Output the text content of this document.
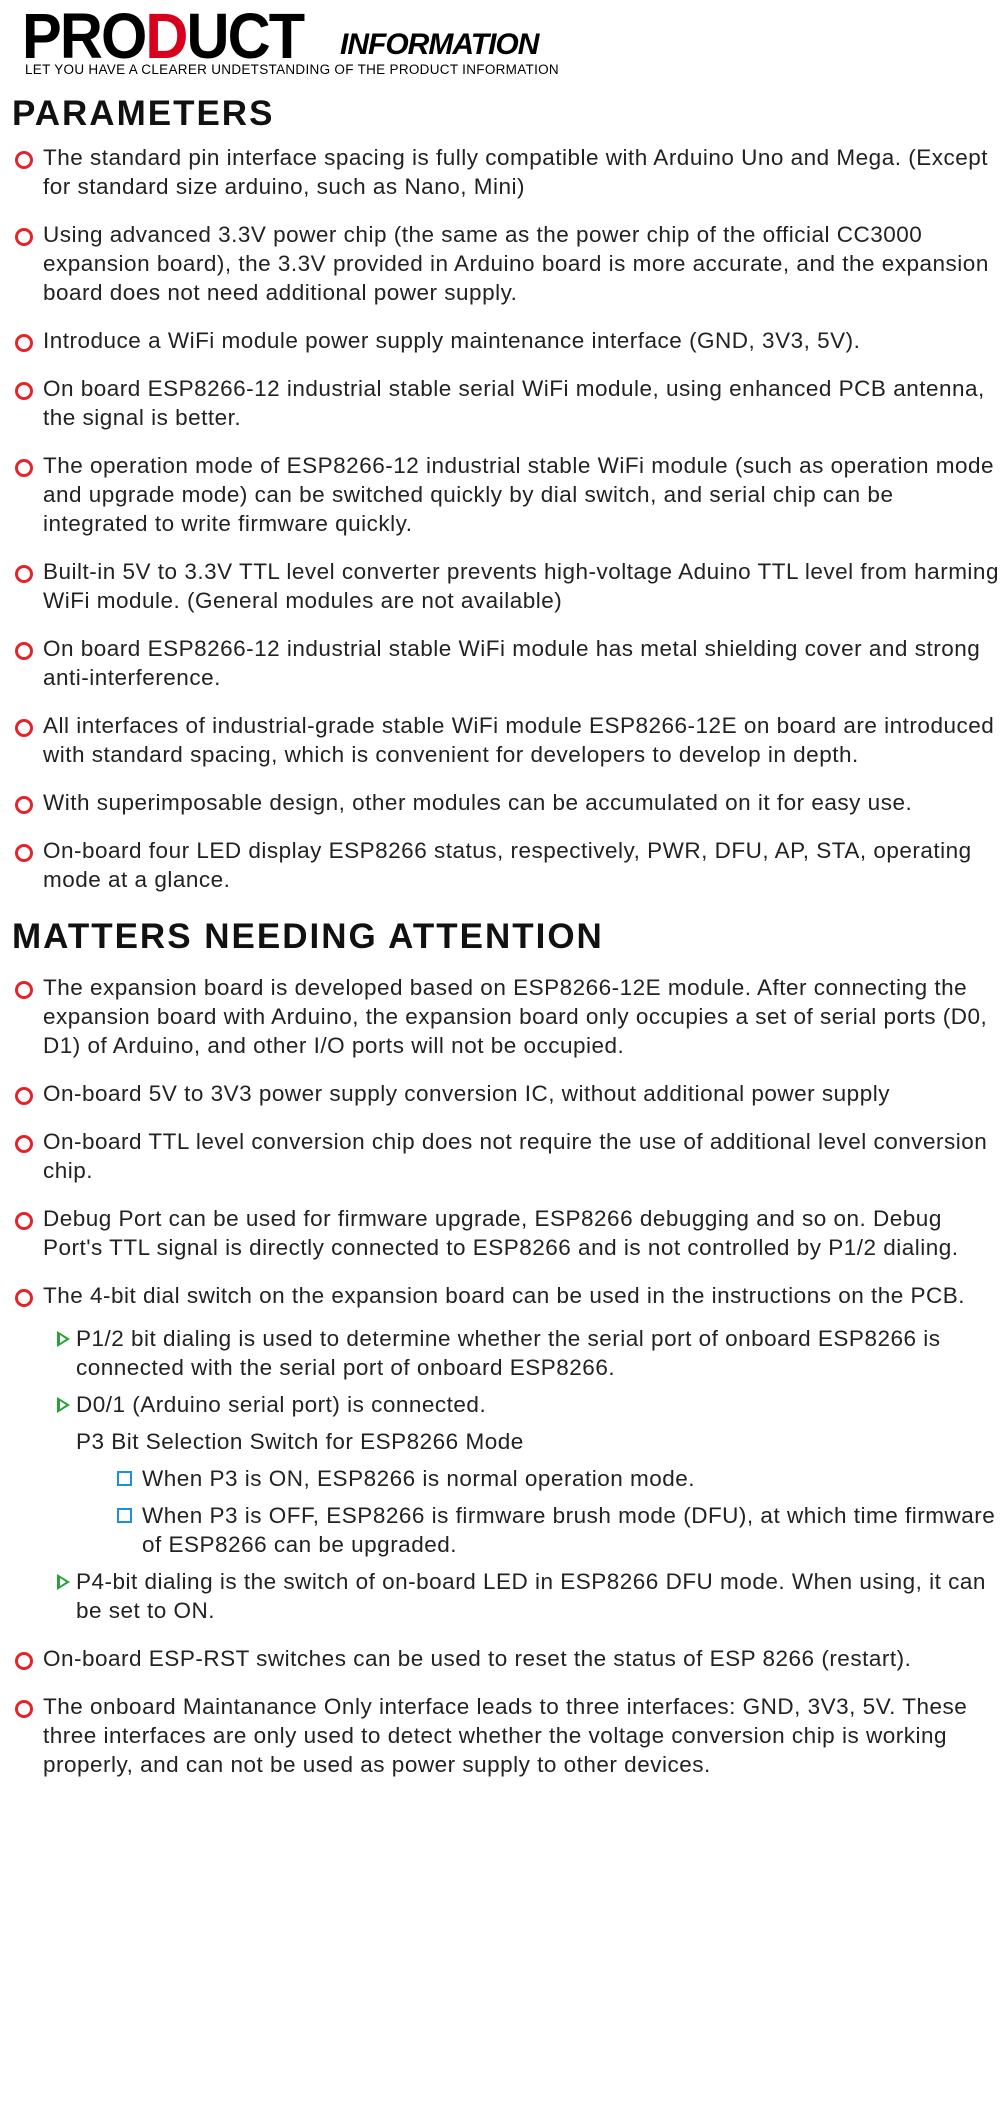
PRODUCT INFORMATION
LET YOU HAVE A CLEARER UNDETSTANDING OF THE PRODUCT INFORMATION
PARAMETERS
The standard pin interface spacing is fully compatible with Arduino Uno and Mega. (Except for standard size arduino, such as Nano, Mini)
Using advanced 3.3V power chip (the same as the power chip of the official CC3000 expansion board), the 3.3V provided in Arduino board is more accurate, and the expansion board does not need additional power supply.
Introduce a WiFi module power supply maintenance interface (GND, 3V3, 5V).
On board ESP8266-12 industrial stable serial WiFi module, using enhanced PCB antenna, the signal is better.
The operation mode of ESP8266-12 industrial stable WiFi module (such as operation mode and upgrade mode) can be switched quickly by dial switch, and serial chip can be integrated to write firmware quickly.
Built-in 5V to 3.3V TTL level converter prevents high-voltage Aduino TTL level from harming WiFi module. (General modules are not available)
On board ESP8266-12 industrial stable WiFi module has metal shielding cover and strong anti-interference.
All interfaces of industrial-grade stable WiFi module ESP8266-12E on board are introduced with standard spacing, which is convenient for developers to develop in depth.
With superimposable design, other modules can be accumulated on it for easy use.
On-board four LED display ESP8266 status, respectively, PWR, DFU, AP, STA, operating mode at a glance.
MATTERS NEEDING ATTENTION
The expansion board is developed based on ESP8266-12E module. After connecting the expansion board with Arduino, the expansion board only occupies a set of serial ports (D0, D1) of Arduino, and other I/O ports will not be occupied.
On-board 5V to 3V3 power supply conversion IC, without additional power supply
On-board TTL level conversion chip does not require the use of additional level conversion chip.
Debug Port can be used for firmware upgrade, ESP8266 debugging and so on. Debug Port's TTL signal is directly connected to ESP8266 and is not controlled by P1/2 dialing.
The 4-bit dial switch on the expansion board can be used in the instructions on the PCB.
P1/2 bit dialing is used to determine whether the serial port of onboard ESP8266 is connected with the serial port of onboard ESP8266.
D0/1 (Arduino serial port) is connected.
P3 Bit Selection Switch for ESP8266 Mode
When P3 is ON, ESP8266 is normal operation mode.
When P3 is OFF, ESP8266 is firmware brush mode (DFU), at which time firmware of ESP8266 can be upgraded.
P4-bit dialing is the switch of on-board LED in ESP8266 DFU mode. When using, it can be set to ON.
On-board ESP-RST switches can be used to reset the status of ESP 8266 (restart).
The onboard Maintanance Only interface leads to three interfaces: GND, 3V3, 5V. These three interfaces are only used to detect whether the voltage conversion chip is working properly, and can not be used as power supply to other devices.
